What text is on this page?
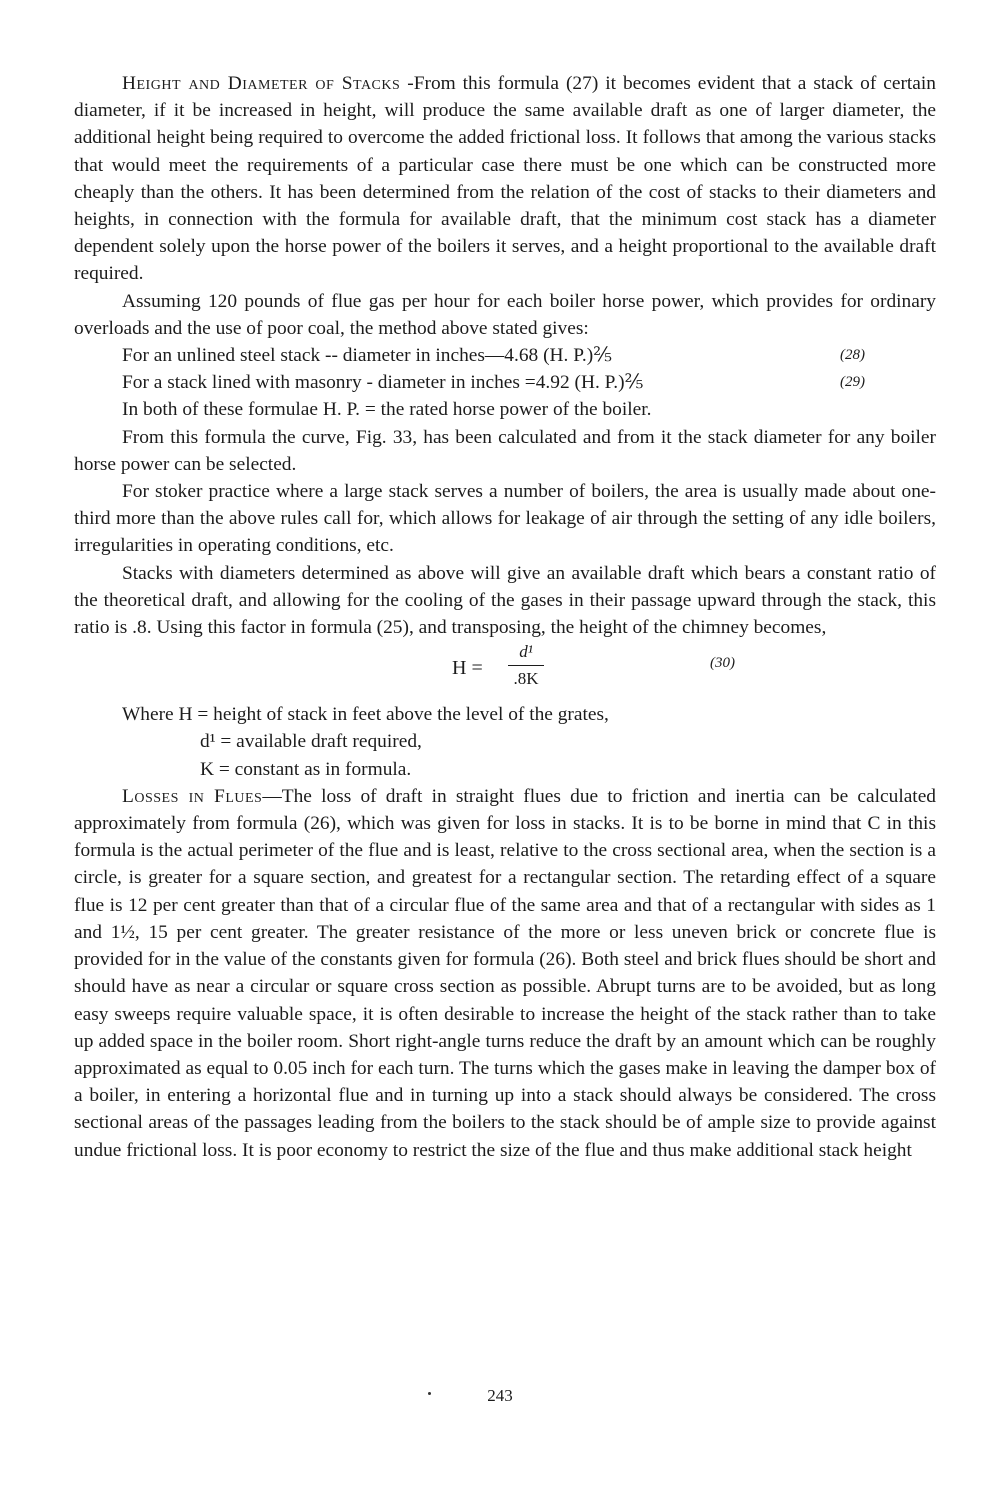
Height and Diameter of Stacks -From this formula (27) it becomes evident that a stack of certain diameter, if it be increased in height, will produce the same available draft as one of larger diameter, the additional height being required to overcome the added frictional loss. It follows that among the various stacks that would meet the requirements of a particular case there must be one which can be constructed more cheaply than the others. It has been determined from the relation of the cost of stacks to their diameters and heights, in connection with the formula for available draft, that the minimum cost stack has a diameter dependent solely upon the horse power of the boilers it serves, and a height proportional to the available draft required.

Assuming 120 pounds of flue gas per hour for each boiler horse power, which provides for ordinary overloads and the use of poor coal, the method above stated gives:

For an unlined steel stack -- diameter in inches—4.68 (H. P.)⅖	(28)
For a stack lined with masonry - diameter in inches =4.92 (H. P.)⅖	(29)

In both of these formulae H. P. = the rated horse power of the boiler.

From this formula the curve, Fig. 33, has been calculated and from it the stack diameter for any boiler horse power can be selected.

For stoker practice where a large stack serves a number of boilers, the area is usually made about one-third more than the above rules call for, which allows for leakage of air through the setting of any idle boilers, irregularities in operating conditions, etc.

Stacks with diameters determined as above will give an available draft which bears a constant ratio of the theoretical draft, and allowing for the cooling of the gases in their passage upward through the stack, this ratio is .8. Using this factor in formula (25), and transposing, the height of the chimney becomes,

H =
d¹
.8K
(30)
Where H = height of stack in feet above the level of the grates,
d¹ = available draft required,
K = constant as in formula.

Losses in Flues—The loss of draft in straight flues due to friction and inertia can be calculated approximately from formula (26), which was given for loss in stacks. It is to be borne in mind that C in this formula is the actual perimeter of the flue and is least, relative to the cross sectional area, when the section is a circle, is greater for a square section, and greatest for a rectangular section. The retarding effect of a square flue is 12 per cent greater than that of a circular flue of the same area and that of a rectangular with sides as 1 and 1½, 15 per cent greater. The greater resistance of the more or less uneven brick or concrete flue is provided for in the value of the constants given for formula (26). Both steel and brick flues should be short and should have as near a circular or square cross section as possible. Abrupt turns are to be avoided, but as long easy sweeps require valuable space, it is often desirable to increase the height of the stack rather than to take up added space in the boiler room. Short right-angle turns reduce the draft by an amount which can be roughly approximated as equal to 0.05 inch for each turn. The turns which the gases make in leaving the damper box of a boiler, in entering a horizontal flue and in turning up into a stack should always be considered. The cross sectional areas of the passages leading from the boilers to the stack should be of ample size to provide against undue frictional loss. It is poor economy to restrict the size of the flue and thus make additional stack height

243
